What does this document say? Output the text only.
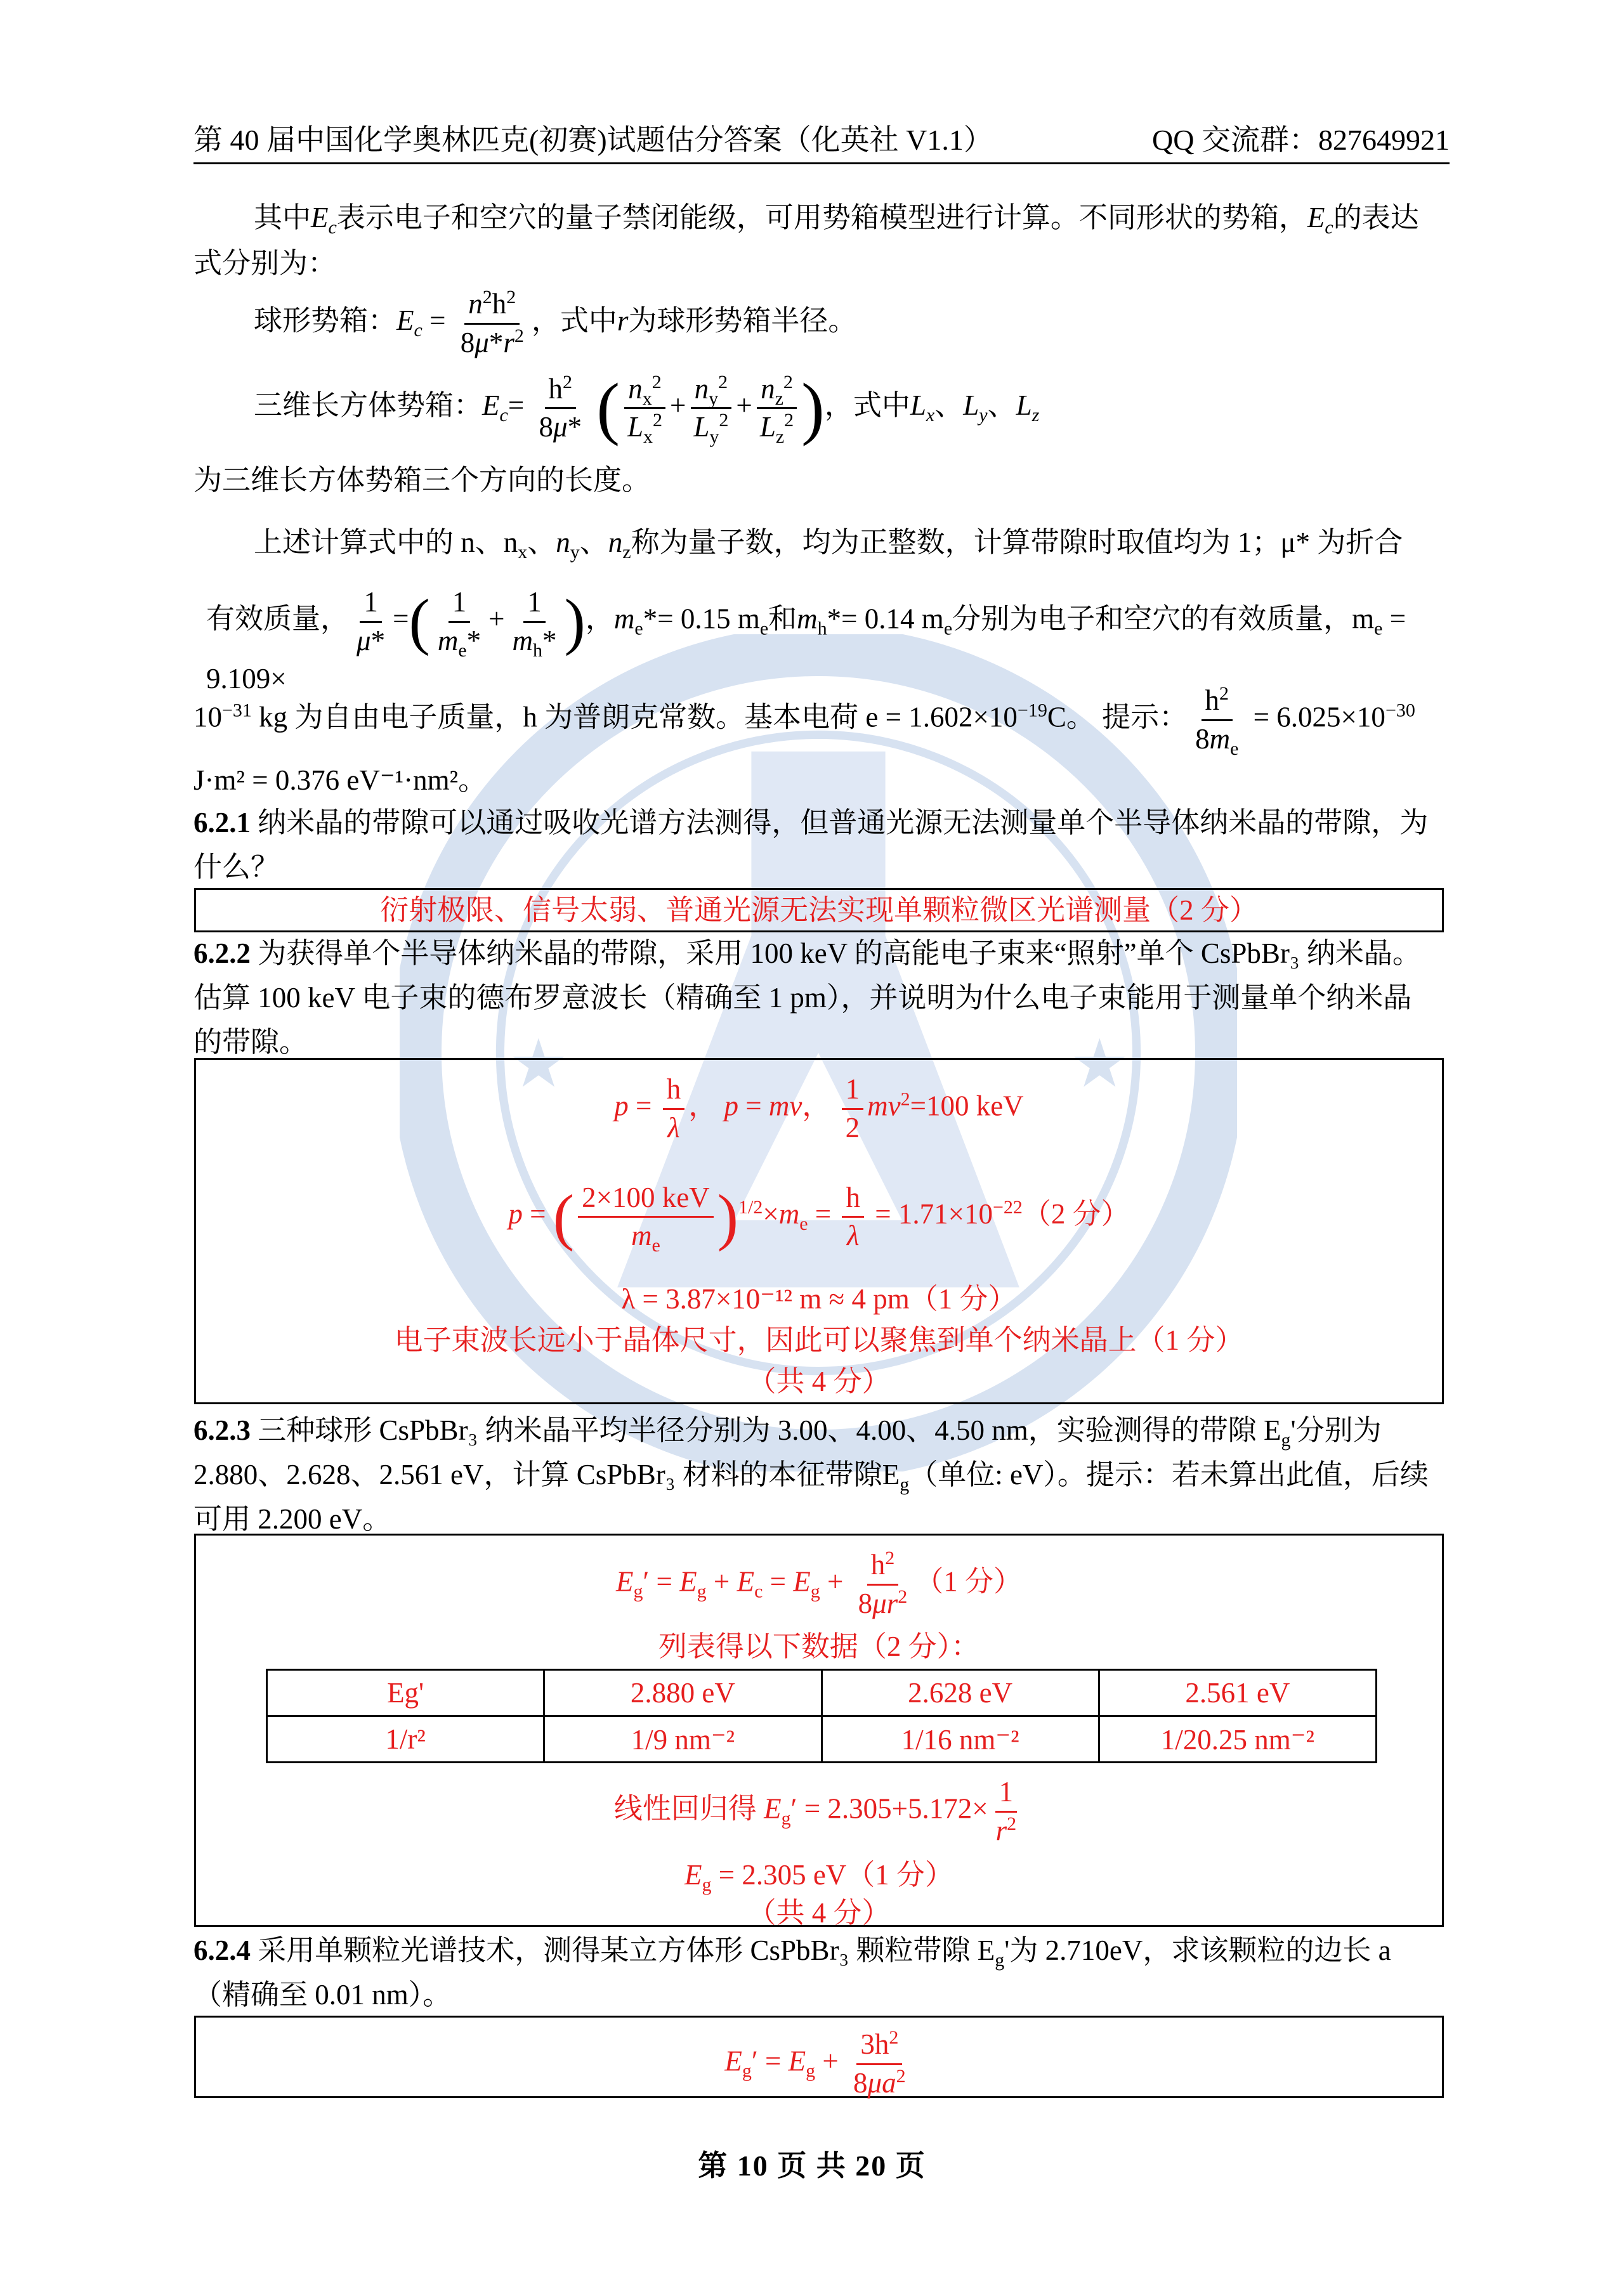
★	★
第 40 届中国化学奥林匹克(初赛)试题估分答案（化英社 V1.1）	QQ 交流群：827649921
其中$E_c$表示电子和空穴的量子禁闭能级，可用势箱模型进行计算。不同形状的势箱，$E_c$的表达
式分别为：
球形势箱：$E_c = \frac{n^2h^2}{8\mu*r^2}$ ，式中r为球形势箱半径。
三维长方体势箱：$E_c= \frac{h^2}{8\mu*}$ ( $\frac{n_x^2}{L_x^2} + \frac{n_y^2}{L_y^2} + \frac{n_z^2}{L_z^2}$ )，式中$L_x$、$L_y$、$L_z$
为三维长方体势箱三个方向的长度。
上述计算式中的 n、$n_x$、$n_y$、$n_z$称为量子数，均为正整数，计算带隙时取值均为 1；μ* 为折合
有效质量， $\frac{1}{\mu*}$ =( $\frac{1}{m_e*} + \frac{1}{m_h*}$ )，$m_e*= 0.15$ $m_e$和$m_h*= 0.14$ $m_e$分别为电子和空穴的有效质量，$m_e = 9.109\times$
$10^{-31}$ kg 为自由电子质量，h 为普朗克常数。基本电荷 $e = 1.602\times 10^{-19}C$。 提示： $\frac{h^2}{8m_e} = 6.025\times 10^{-30}$
J·m² = 0.376 eV⁻¹·nm²。
6.2.1 纳米晶的带隙可以通过吸收光谱方法测得，但普通光源无法测量单个半导体纳米晶的带隙，为
什么？
衍射极限、信号太弱、普通光源无法实现单颗粒微区光谱测量（2 分）
6.2.2 为获得单个半导体纳米晶的带隙，采用 100 keV 的高能电子束来“照射”单个 CsPbBr₃ 纳米晶。
估算 100 keV 电子束的德布罗意波长（精确至 1 pm），并说明为什么电子束能用于测量单个纳米晶
的带隙。
$p = \frac{h}{\lambda}$ ， p = mv， $\frac{1}{2} mv^2=100$ keV
p = ( $\frac{\text{2×100 keV}}{m_e} )^{1/2}\times m_e = \frac{h}{\lambda} = 1.71\times 10^{-22}(2$ 分）
λ = 3.87×10⁻¹² m ≈ 4 pm（1 分）
电子束波长远小于晶体尺寸，因此可以聚焦到单个纳米晶上（1 分）
（共 4 分）
6.2.3 三种球形 CsPbBr₃ 纳米晶平均半径分别为 3.00、4.00、4.50 nm，实验测得的带隙 $E_g'$分别为
2.880、2.628、2.561 eV，计算 CsPbBr₃ 材料的本征带隙$E_g$（单位: eV）。提示：若未算出此值，后续
可用 2.200 eV。
$E_g' = E_g + E_c = E_g + \frac{h^2}{8\mu r^2} (1$ 分）
列表得以下数据（2 分）：
Eg'	2.880 eV	2.628 eV	2.561 eV
1/r²	1/9 nm⁻²	1/16 nm⁻²	1/20.25 nm⁻²
线性回归得 $E_g' = 2.305+5.172\times \frac{1}{r^2}$
$E_g = 2.305$ eV（1 分）
（共 4 分）
6.2.4 采用单颗粒光谱技术，测得某立方体形 CsPbBr₃ 颗粒带隙 $E_g'$为 2.710eV，求该颗粒的边长 a
（精确至 0.01 nm）。
$E_g' = E_g + \frac{3h^2}{8\mu a^2}$
第 10 页 共 20 页
